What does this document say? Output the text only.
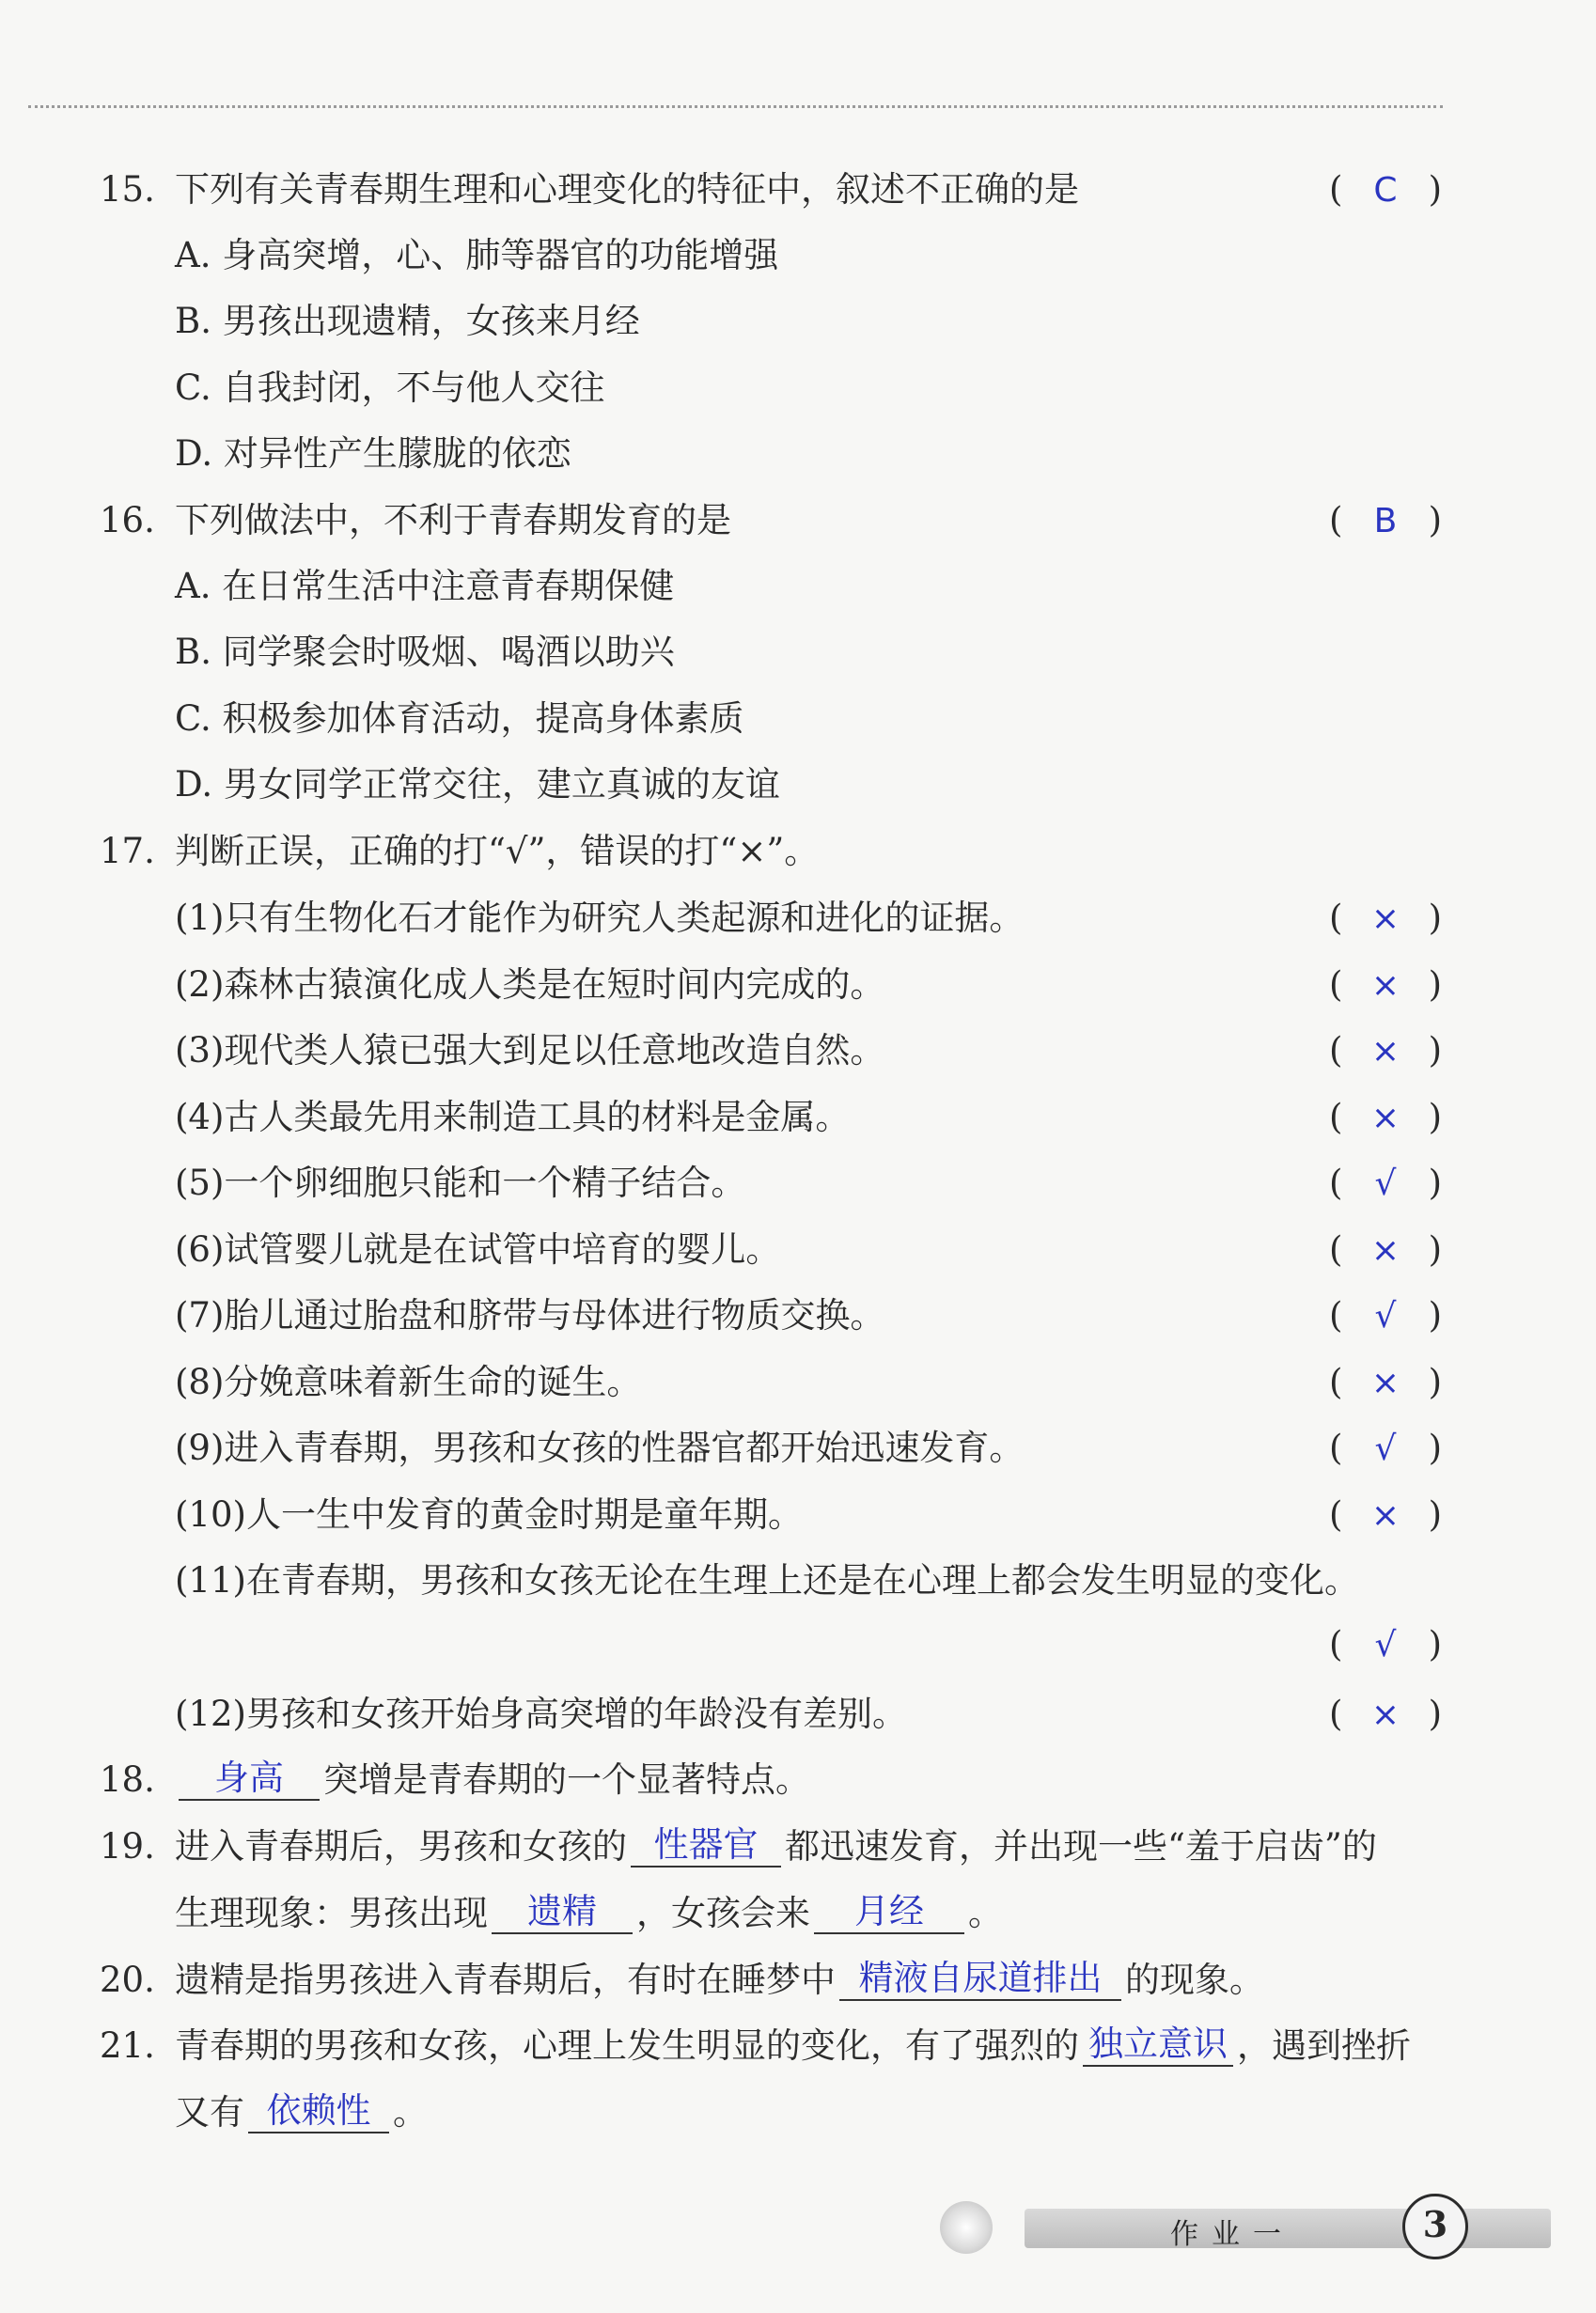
15. 下列有关青春期生理和心理变化的特征中，叙述不正确的是	( C )
A. 身高突增，心、肺等器官的功能增强
B. 男孩出现遗精，女孩来月经
C. 自我封闭，不与他人交往
D. 对异性产生朦胧的依恋
16. 下列做法中，不利于青春期发育的是	( B )
A. 在日常生活中注意青春期保健
B. 同学聚会时吸烟、喝酒以助兴
C. 积极参加体育活动，提高身体素质
D. 男女同学正常交往，建立真诚的友谊
17. 判断正误，正确的打“√”，错误的打“×”。
(1)只有生物化石才能作为研究人类起源和进化的证据。	( × )
(2)森林古猿演化成人类是在短时间内完成的。	( × )
(3)现代类人猿已强大到足以任意地改造自然。	( × )
(4)古人类最先用来制造工具的材料是金属。	( × )
(5)一个卵细胞只能和一个精子结合。	( √ )
(6)试管婴儿就是在试管中培育的婴儿。	( × )
(7)胎儿通过胎盘和脐带与母体进行物质交换。	( √ )
(8)分娩意味着新生命的诞生。	( × )
(9)进入青春期，男孩和女孩的性器官都开始迅速发育。	( √ )
(10)人一生中发育的黄金时期是童年期。	( × )
(11)在青春期，男孩和女孩无论在生理上还是在心理上都会发生明显的变化。
( √ )
(12)男孩和女孩开始身高突增的年龄没有差别。	( × )
18.	身高 突增是青春期的一个显著特点。
19. 进入青春期后，男孩和女孩的 性器官 都迅速发育，并出现一些“羞于启齿”的
生理现象：男孩出现 遗精 ，女孩会来 月经 。
20. 遗精是指男孩进入青春期后，有时在睡梦中 精液自尿道排出 的现象。
21. 青春期的男孩和女孩，心理上发生明显的变化，有了强烈的 独立意识 ，遇到挫折
又有 依赖性 。
作业一	3
